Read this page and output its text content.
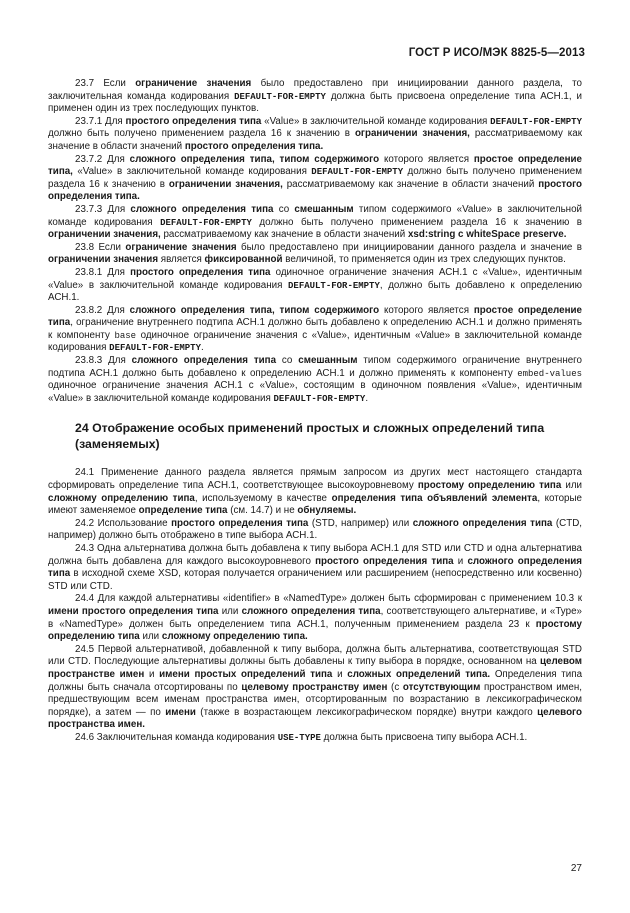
ГОСТ Р ИСО/МЭК 8825-5—2013

23.7 Если ограничение значения было предоставлено при инициировании данного раздела, то заключительная команда кодирования DEFAULT-FOR-EMPTY должна быть присвоена определение типа АСН.1, и применен один из трех последующих пунктов.

23.7.1 Для простого определения типа «Value» в заключительной команде кодирования DEFAULT-FOR-EMPTY должно быть получено применением раздела 16 к значению в ограничении значения, рассматриваемому как значение в области значений простого определения типа.

23.7.2 Для сложного определения типа, типом содержимого которого является простое определение типа, «Value» в заключительной команде кодирования DEFAULT-FOR-EMPTY должно быть получено применением раздела 16 к значению в ограничении значения, рассматриваемому как значение в области значений простого определения типа.

23.7.3 Для сложного определения типа со смешанным типом содержимого «Value» в заключительной команде кодирования DEFAULT-FOR-EMPTY должно быть получено применением раздела 16 к значению в ограничении значения, рассматриваемому как значение в области значений xsd:string c whiteSpace preserve.

23.8 Если ограничение значения было предоставлено при инициировании данного раздела и значение в ограничении значения является фиксированной величиной, то применяется один из трех следующих пунктов.

23.8.1 Для простого определения типа одиночное ограничение значения АСН.1 с «Value», идентичным «Value» в заключительной команде кодирования DEFAULT-FOR-EMPTY, должно быть добавлено к определению АСН.1.

23.8.2 Для сложного определения типа, типом содержимого которого является простое определение типа, ограничение внутреннего подтипа АСН.1 должно быть добавлено к определению АСН.1 и должно применять к компоненту base одиночное ограничение значения с «Value», идентичным «Value» в заключительной команде кодирования DEFAULT-FOR-EMPTY.

23.8.3 Для сложного определения типа со смешанным типом содержимого ограничение внутреннего подтипа АСН.1 должно быть добавлено к определению АСН.1 и должно применять к компоненту embed-values одиночное ограничение значения АСН.1 с «Value», состоящим в одиночном появления «Value», идентичным «Value» в заключительной команде кодирования DEFAULT-FOR-EMPTY.

24 Отображение особых применений простых и сложных определений типа (заменяемых)

24.1 Применение данного раздела является прямым запросом из других мест настоящего стандарта сформировать определение типа АСН.1, соответствующее высокоуровневому простому определению типа или сложному определению типа, используемому в качестве определения типа объявлений элемента, которые имеют заменяемое определение типа (см. 14.7) и не обнуляемы.

24.2 Использование простого определения типа (STD, например) или сложного определения типа (CTD, например) должно быть отображено в типе выбора АСН.1.

24.3 Одна альтернатива должна быть добавлена к типу выбора АСН.1 для STD или CTD и одна альтернатива должна быть добавлена для каждого высокоуровневого простого определения типа и сложного определения типа в исходной схеме XSD, которая получается ограничением или расширением (непосредственно или косвенно) STD или CTD.

24.4 Для каждой альтернативы «identifier» в «NamedType» должен быть сформирован с применением 10.3 к имени простого определения типа или сложного определения типа, соответствующего альтернативе, и «Type» в «NamedType» должен быть определением типа АСН.1, полученным применением раздела 23 к простому определению типа или сложному определению типа.

24.5 Первой альтернативой, добавленной к типу выбора, должна быть альтернатива, соответствующая STD или CTD. Последующие альтернативы должны быть добавлены к типу выбора в порядке, основанном на целевом пространстве имен и имени простых определений типа и сложных определений типа. Определения типа должны быть сначала отсортированы по целевому пространству имен (с отсутствующим пространством имен, предшествующим всем именам пространства имен, отсортированным по возрастанию в лексикографическом порядке), а затем — по имени (также в возрастающем лексикографическом порядке) внутри каждого целевого пространства имен.

24.6 Заключительная команда кодирования USE-TYPE должна быть присвоена типу выбора АСН.1.

27
